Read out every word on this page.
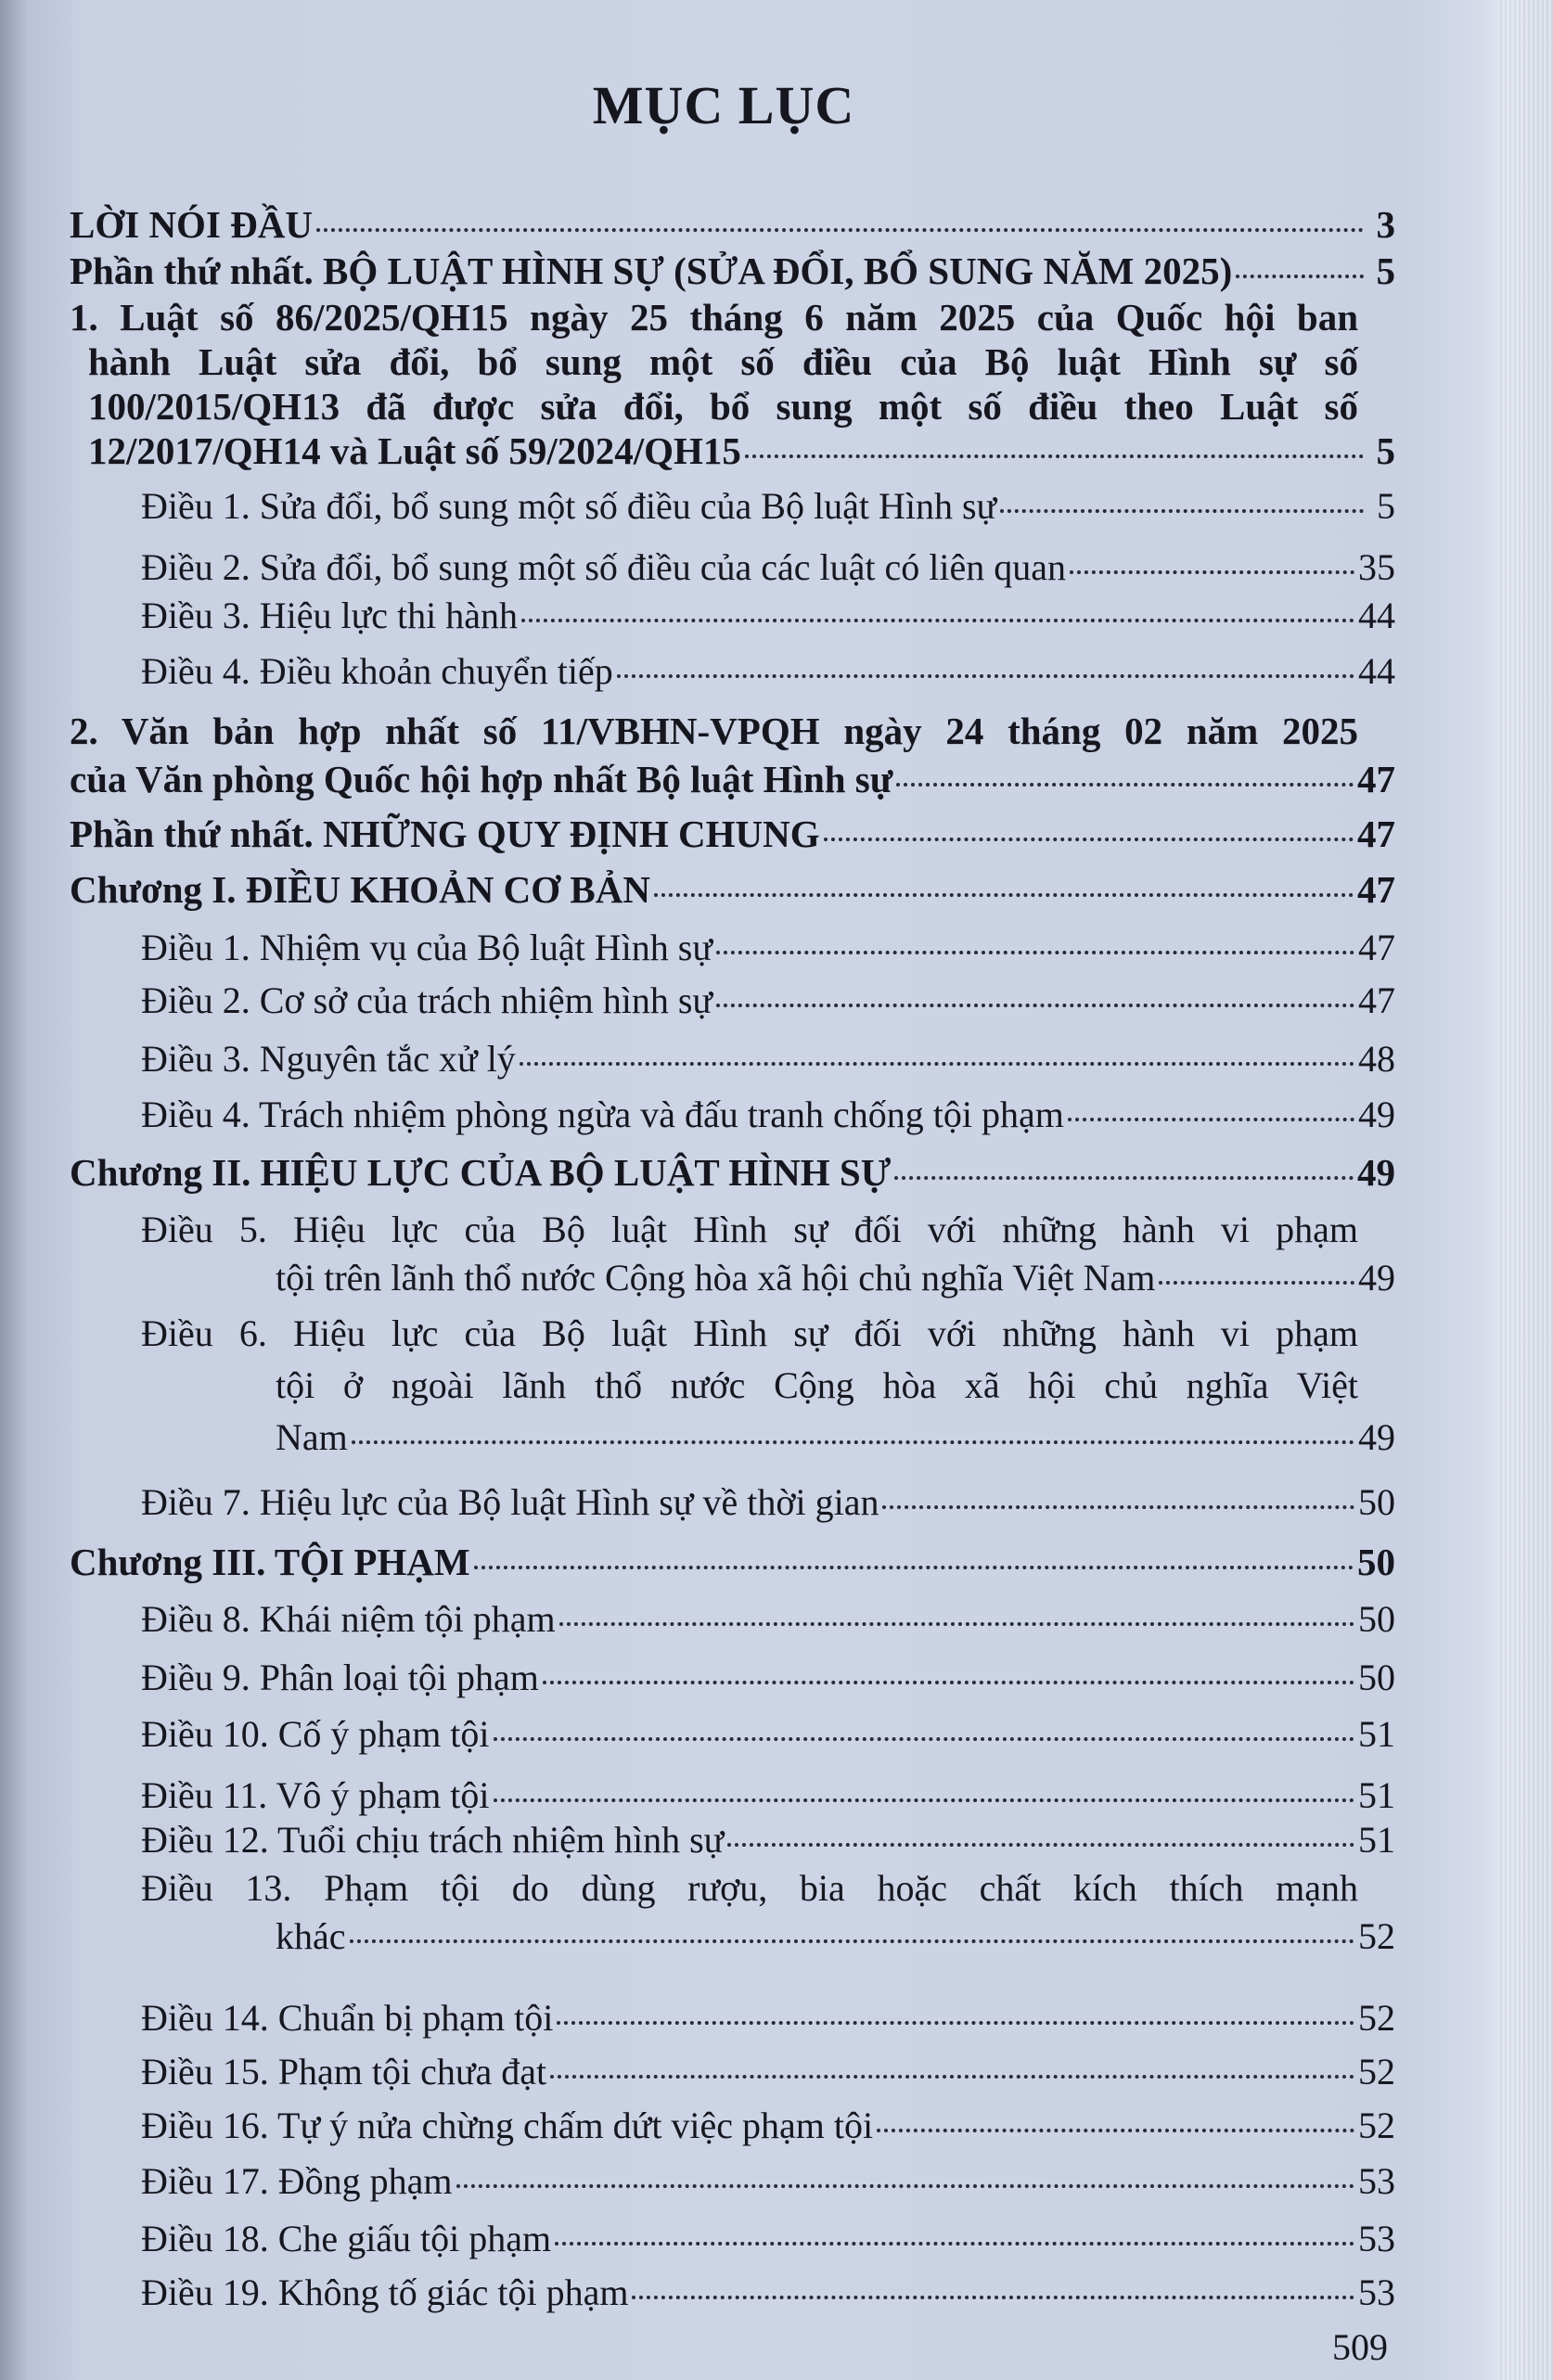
MỤC LỤC
LỜI NÓI ĐẦU	3
Phần thứ nhất. BỘ LUẬT HÌNH SỰ (SỬA ĐỔI, BỔ SUNG NĂM 2025)	5
1. Luật số 86/2025/QH15 ngày 25 tháng 6 năm 2025 của Quốc hội ban
hành Luật sửa đổi, bổ sung một số điều của Bộ luật Hình sự số
100/2015/QH13 đã được sửa đổi, bổ sung một số điều theo Luật số
12/2017/QH14 và Luật số 59/2024/QH15	5
Điều 1. Sửa đổi, bổ sung một số điều của Bộ luật Hình sự	5
Điều 2. Sửa đổi, bổ sung một số điều của các luật có liên quan	35
Điều 3. Hiệu lực thi hành	44
Điều 4. Điều khoản chuyển tiếp	44
2. Văn bản hợp nhất số 11/VBHN-VPQH ngày 24 tháng 02 năm 2025
của Văn phòng Quốc hội hợp nhất Bộ luật Hình sự	47
Phần thứ nhất. NHỮNG QUY ĐỊNH CHUNG	47
Chương I. ĐIỀU KHOẢN CƠ BẢN	47
Điều 1. Nhiệm vụ của Bộ luật Hình sự	47
Điều 2. Cơ sở của trách nhiệm hình sự	47
Điều 3. Nguyên tắc xử lý	48
Điều 4. Trách nhiệm phòng ngừa và đấu tranh chống tội phạm	49
Chương II. HIỆU LỰC CỦA BỘ LUẬT HÌNH SỰ	49
Điều 5. Hiệu lực của Bộ luật Hình sự đối với những hành vi phạm
tội trên lãnh thổ nước Cộng hòa xã hội chủ nghĩa Việt Nam	49
Điều 6. Hiệu lực của Bộ luật Hình sự đối với những hành vi phạm
tội ở ngoài lãnh thổ nước Cộng hòa xã hội chủ nghĩa Việt
Nam	49
Điều 7. Hiệu lực của Bộ luật Hình sự về thời gian	50
Chương III. TỘI PHẠM	50
Điều 8. Khái niệm tội phạm	50
Điều 9. Phân loại tội phạm	50
Điều 10. Cố ý phạm tội	51
Điều 11. Vô ý phạm tội	51
Điều 12. Tuổi chịu trách nhiệm hình sự	51
Điều 13. Phạm tội do dùng rượu, bia hoặc chất kích thích mạnh
khác	52
Điều 14. Chuẩn bị phạm tội	52
Điều 15. Phạm tội chưa đạt	52
Điều 16. Tự ý nửa chừng chấm dứt việc phạm tội	52
Điều 17. Đồng phạm	53
Điều 18. Che giấu tội phạm	53
Điều 19. Không tố giác tội phạm	53
509
